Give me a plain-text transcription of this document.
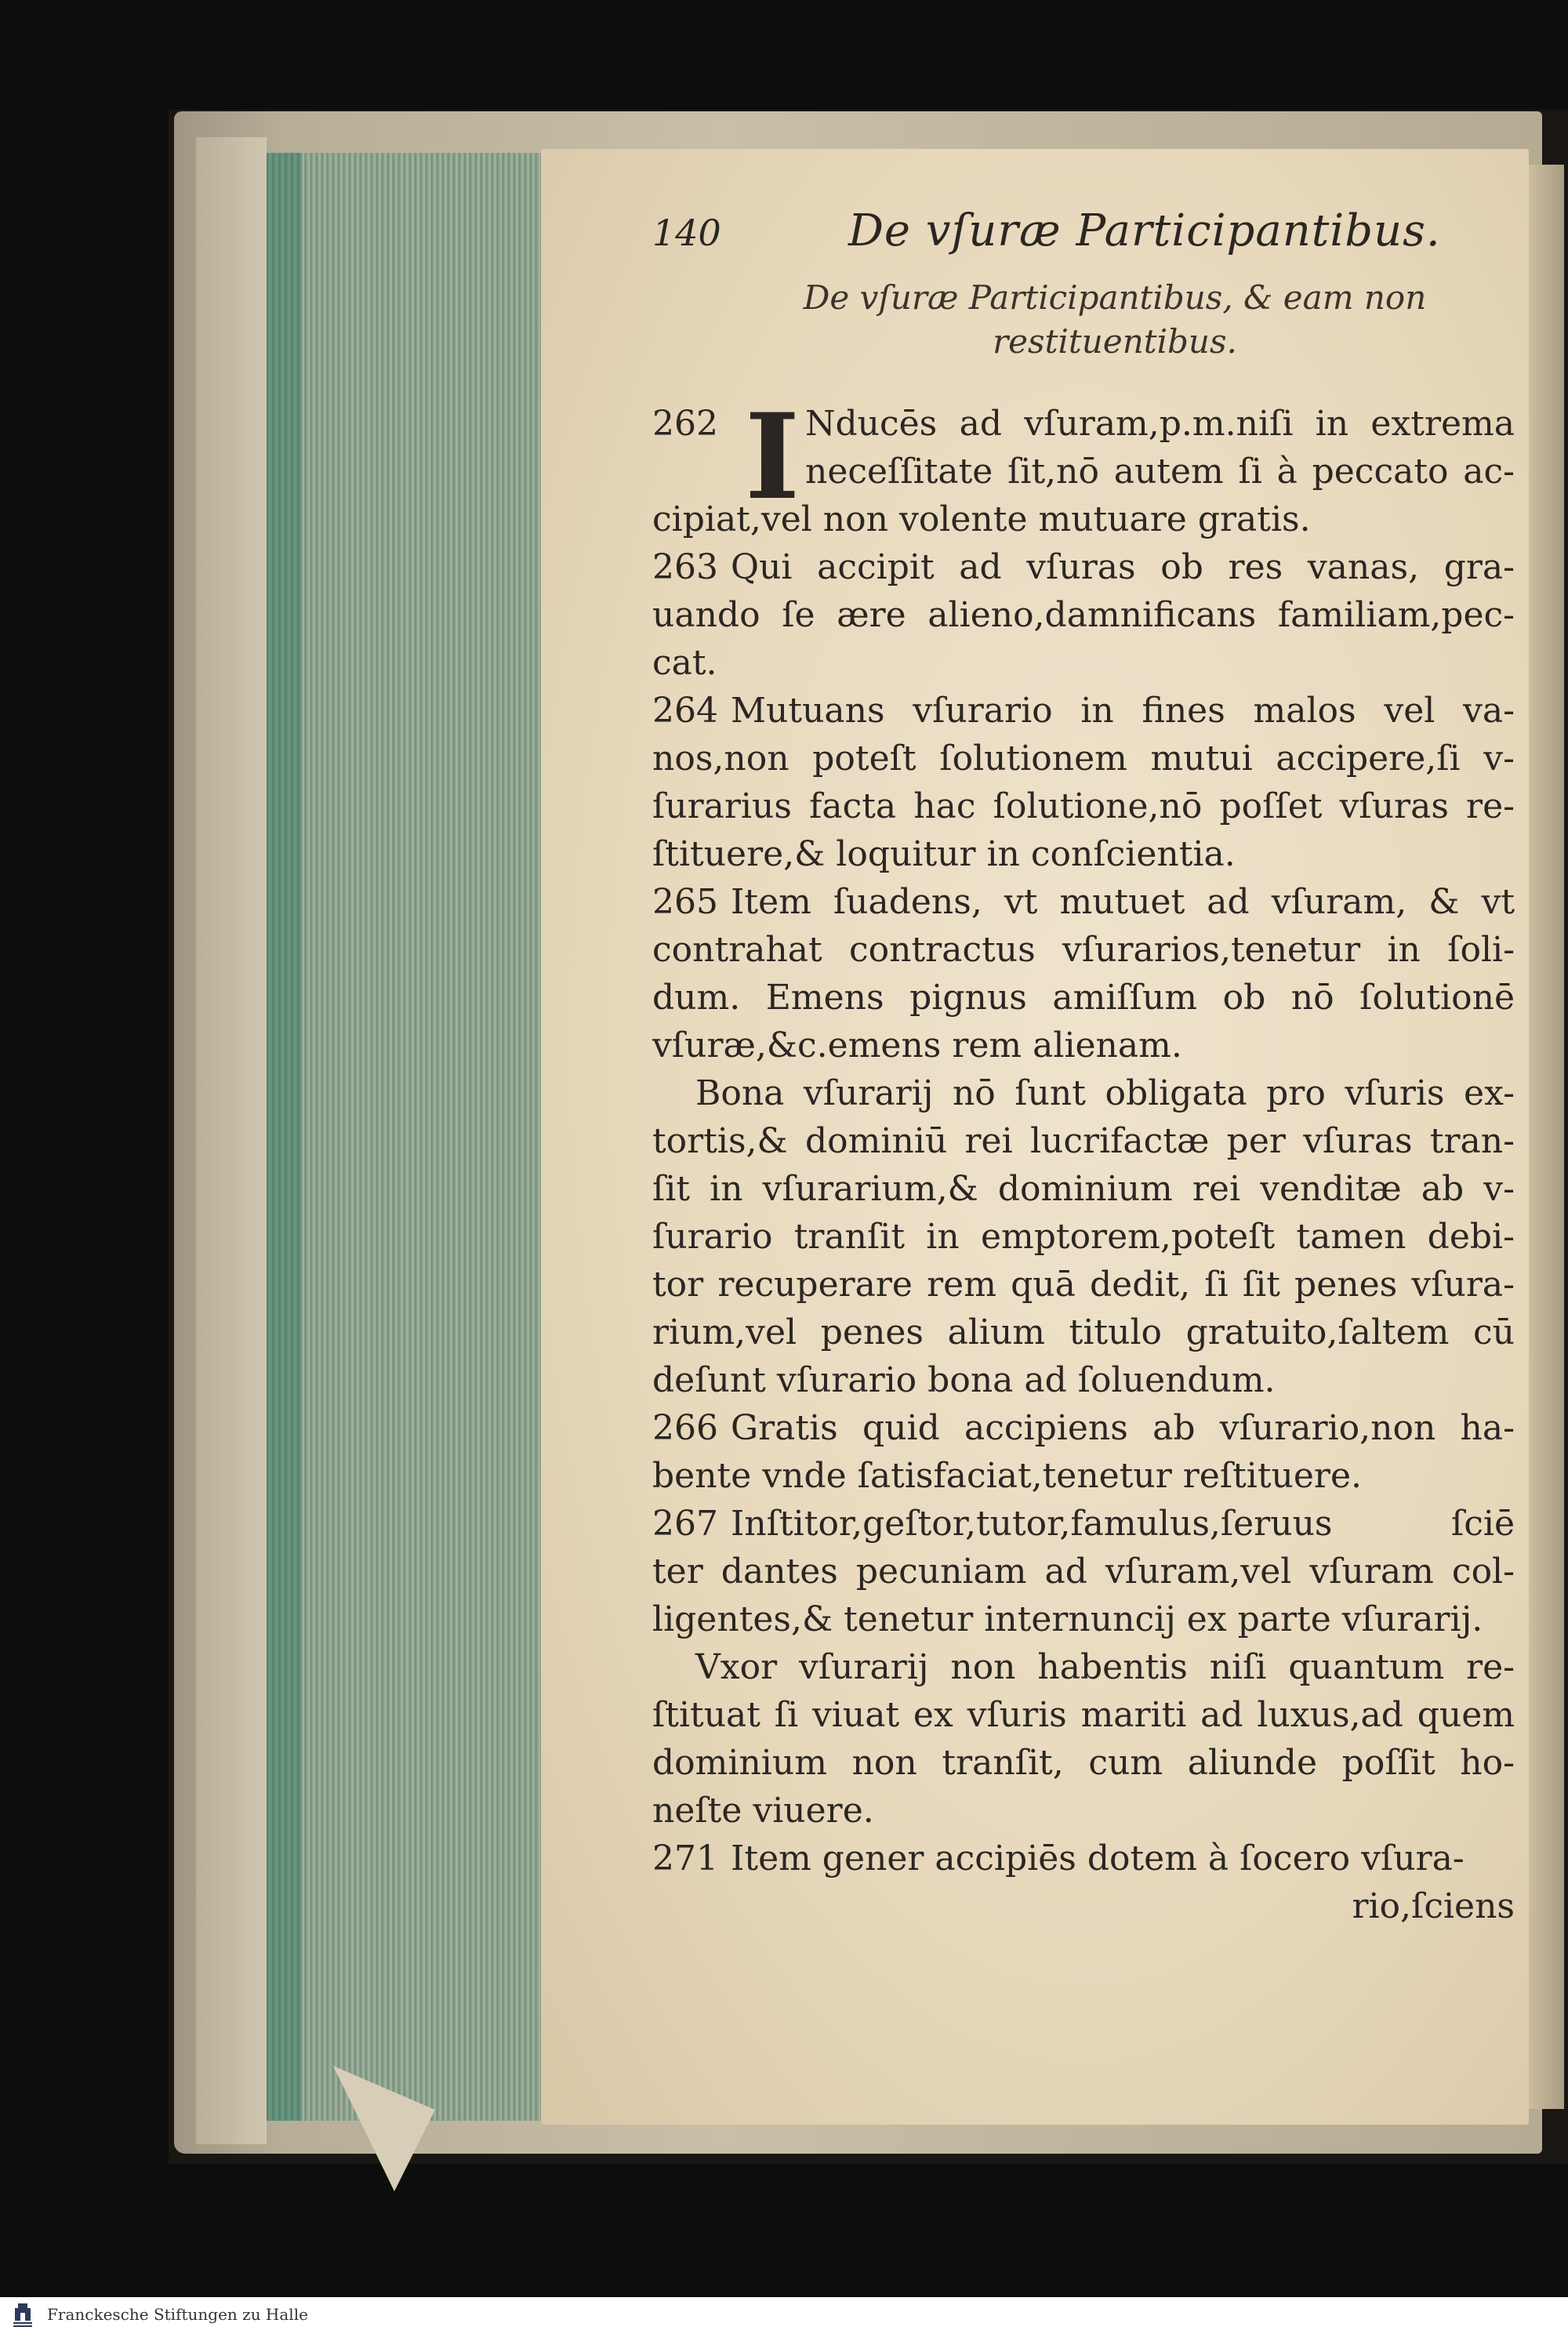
140	De vſuræ Participantibus.
De vſuræ Participantibus, & eam non
restituentibus.
I
262	Nducēs ad vſuram,p.m.niſi in extrema
neceſſitate ſit,nō autem ſi à peccato ac-
cipiat,vel non volente mutuare gratis.
263 Qui accipit ad vſuras ob res vanas, gra-
uando ſe ære alieno,damnificans familiam,pec-
cat.
264 Mutuans vſurario in fines malos vel va-
nos,non poteſt ſolutionem mutui accipere,ſi v-
ſurarius facta hac ſolutione,nō poſſet vſuras re-
ſtituere,& loquitur in conſcientia.
265 Item ſuadens, vt mutuet ad vſuram, & vt
contrahat contractus vſurarios,tenetur in ſoli-
dum. Emens pignus amiſſum ob nō ſolutionē
vſuræ,&c.emens rem alienam.
Bona vſurarij nō ſunt obligata pro vſuris ex-
tortis,& dominiū rei lucrifactæ per vſuras tran-
ſit in vſurarium,& dominium rei venditæ ab v-
ſurario tranſit in emptorem,poteſt tamen debi-
tor recuperare rem quā dedit, ſi ſit penes vſura-
rium,vel penes alium titulo gratuito,ſaltem cū
deſunt vſurario bona ad ſoluendum.
266 Gratis quid accipiens ab vſurario,non ha-
bente vnde ſatisfaciat,tenetur reſtituere.
267 Inſtitor,geſtor,tutor,famulus,ſeruus ſciē
ter dantes pecuniam ad vſuram,vel vſuram col-
ligentes,& tenetur internuncij ex parte vſurarij.
Vxor vſurarij non habentis niſi quantum re-
ſtituat ſi viuat ex vſuris mariti ad luxus,ad quem
dominium non tranſit, cum aliunde poſſit ho-
neſte viuere.
271 Item gener accipiēs dotem à ſocero vſura-
rio,ſciens
Franckesche Stiftungen zu Halle
